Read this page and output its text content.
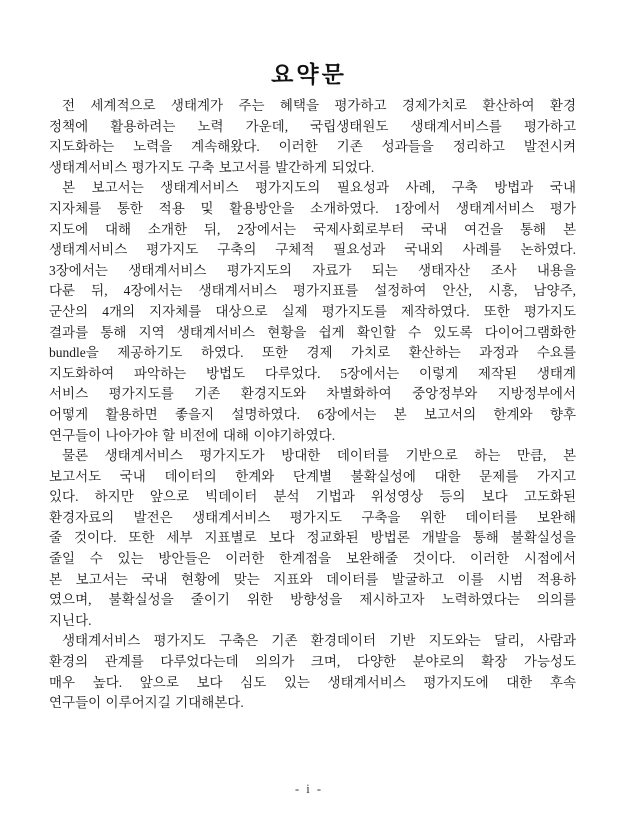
요약문
전 세계적으로 생태계가 주는 혜택을 평가하고 경제가치로 환산하여 환경
정책에 활용하려는 노력 가운데, 국립생태원도 생태계서비스를 평가하고
지도화하는 노력을 계속해왔다. 이러한 기존 성과들을 정리하고 발전시켜
생태계서비스 평가지도 구축 보고서를 발간하게 되었다.
본 보고서는 생태계서비스 평가지도의 필요성과 사례, 구축 방법과 국내
지자체를 통한 적용 및 활용방안을 소개하였다. 1장에서 생태계서비스 평가
지도에 대해 소개한 뒤, 2장에서는 국제사회로부터 국내 여건을 통해 본
생태계서비스 평가지도 구축의 구체적 필요성과 국내외 사례를 논하였다.
3장에서는 생태계서비스 평가지도의 자료가 되는 생태자산 조사 내용을
다룬 뒤, 4장에서는 생태계서비스 평가지표를 설정하여 안산, 시흥, 남양주,
군산의 4개의 지자체를 대상으로 실제 평가지도를 제작하였다. 또한 평가지도
결과를 통해 지역 생태계서비스 현황을 쉽게 확인할 수 있도록 다이어그램화한
bundle을 제공하기도 하였다. 또한 경제 가치로 환산하는 과정과 수요를
지도화하여 파악하는 방법도 다루었다. 5장에서는 이렇게 제작된 생태계
서비스 평가지도를 기존 환경지도와 차별화하여 중앙정부와 지방정부에서
어떻게 활용하면 좋을지 설명하였다. 6장에서는 본 보고서의 한계와 향후
연구들이 나아가야 할 비전에 대해 이야기하였다.
물론 생태계서비스 평가지도가 방대한 데이터를 기반으로 하는 만큼, 본
보고서도 국내 데이터의 한계와 단계별 불확실성에 대한 문제를 가지고
있다. 하지만 앞으로 빅데이터 분석 기법과 위성영상 등의 보다 고도화된
환경자료의 발전은 생태계서비스 평가지도 구축을 위한 데이터를 보완해
줄 것이다. 또한 세부 지표별로 보다 정교화된 방법론 개발을 통해 불확실성을
줄일 수 있는 방안들은 이러한 한계점을 보완해줄 것이다. 이러한 시점에서
본 보고서는 국내 현황에 맞는 지표와 데이터를 발굴하고 이를 시범 적용하
였으며, 불확실성을 줄이기 위한 방향성을 제시하고자 노력하였다는 의의를
지닌다.
생태계서비스 평가지도 구축은 기존 환경데이터 기반 지도와는 달리, 사람과
환경의 관계를 다루었다는데 의의가 크며, 다양한 분야로의 확장 가능성도
매우 높다. 앞으로 보다 심도 있는 생태계서비스 평가지도에 대한 후속
연구들이 이루어지길 기대해본다.
- i -
